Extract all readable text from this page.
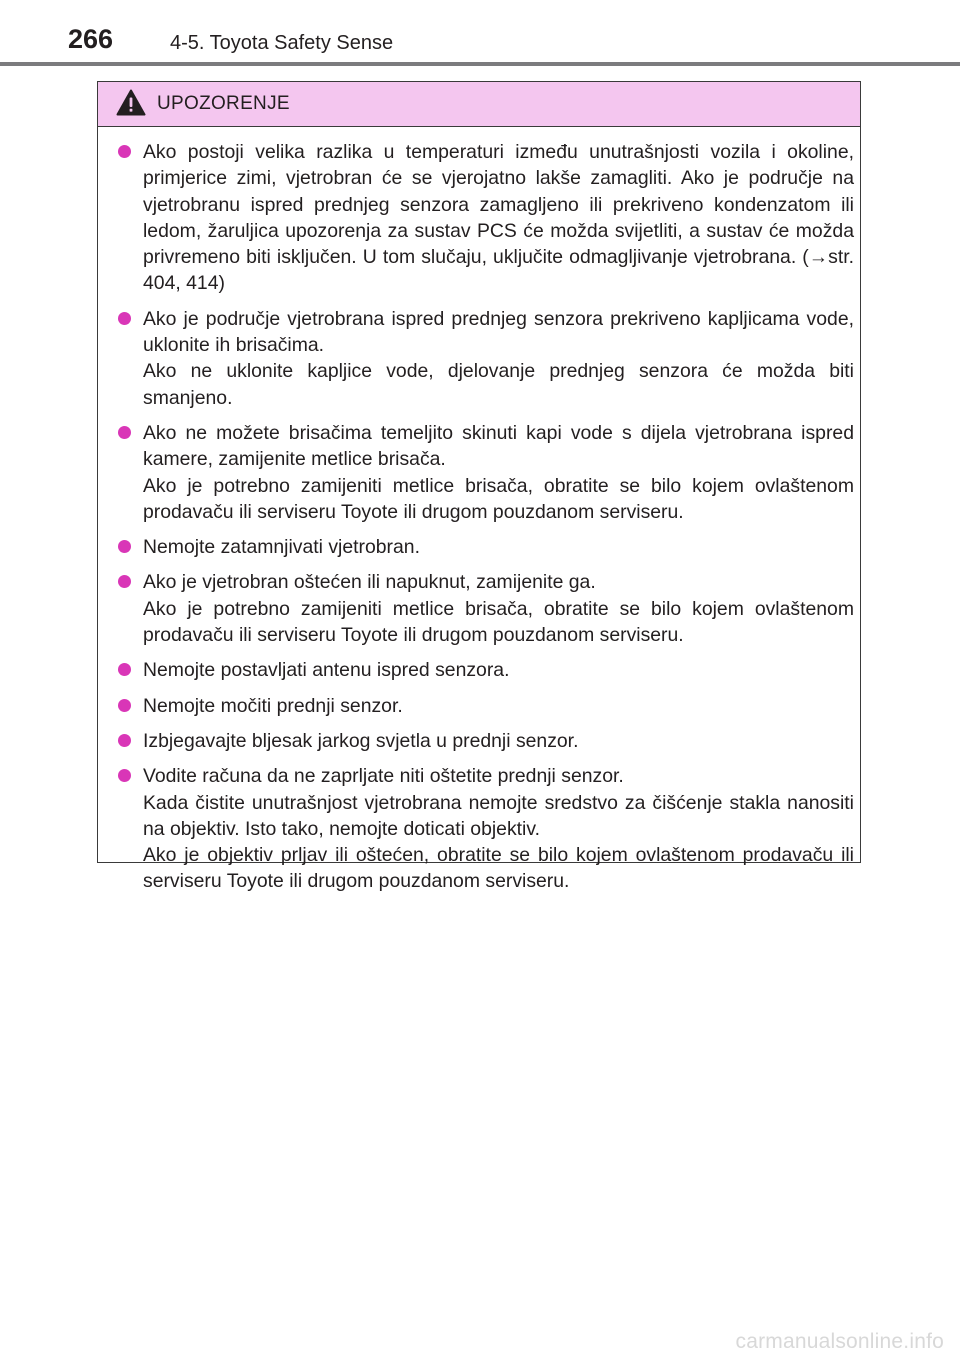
266	4-5. Toyota Safety Sense
UPOZORENJE
Ako postoji velika razlika u temperaturi između unutrašnjosti vozila i okoline, primjerice zimi, vjetrobran će se vjerojatno lakše zamagliti. Ako je područje na vjetrobranu ispred prednjeg senzora zamagljeno ili prekriveno kondenzatom ili ledom, žaruljica upozorenja za sustav PCS će možda svijetliti, a sustav će možda privremeno biti isključen. U tom slučaju, uključite odmagljivanje vjetrobrana. (→str. 404, 414)
Ako je područje vjetrobrana ispred prednjeg senzora prekriveno kapljicama vode, uklonite ih brisačima.
Ako ne uklonite kapljice vode, djelovanje prednjeg senzora će možda biti smanjeno.
Ako ne možete brisačima temeljito skinuti kapi vode s dijela vjetrobrana ispred kamere, zamijenite metlice brisača.
Ako je potrebno zamijeniti metlice brisača, obratite se bilo kojem ovlaštenom prodavaču ili serviseru Toyote ili drugom pouzdanom serviseru.
Nemojte zatamnjivati vjetrobran.
Ako je vjetrobran oštećen ili napuknut, zamijenite ga.
Ako je potrebno zamijeniti metlice brisača, obratite se bilo kojem ovlaštenom prodavaču ili serviseru Toyote ili drugom pouzdanom serviseru.
Nemojte postavljati antenu ispred senzora.
Nemojte močiti prednji senzor.
Izbjegavajte bljesak jarkog svjetla u prednji senzor.
Vodite računa da ne zaprljate niti oštetite prednji senzor.
Kada čistite unutrašnjost vjetrobrana nemojte sredstvo za čišćenje stakla nanositi na objektiv. Isto tako, nemojte doticati objektiv.
Ako je objektiv prljav ili oštećen, obratite se bilo kojem ovlaštenom prodavaču ili serviseru Toyote ili drugom pouzdanom serviseru.
carmanualsonline.info
